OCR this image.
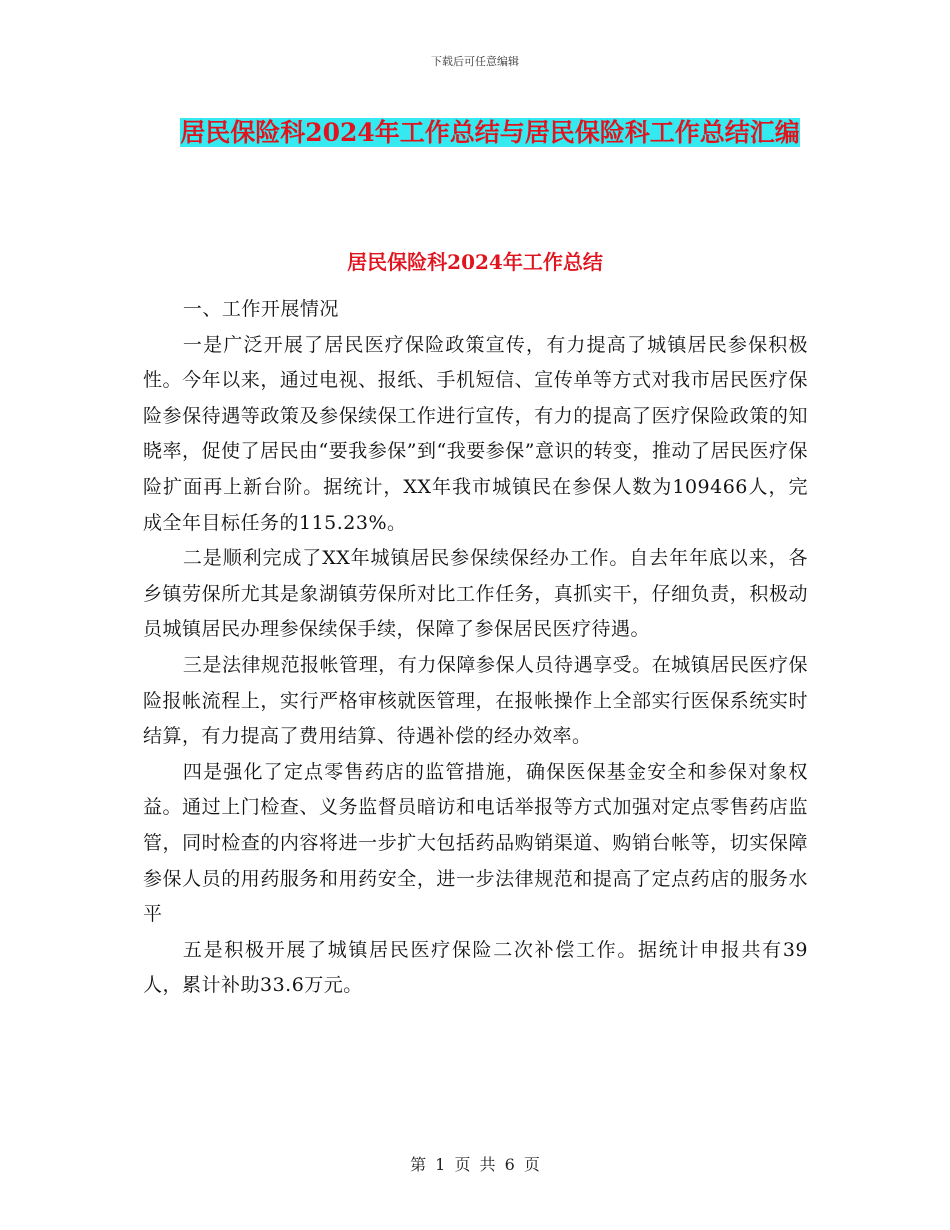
下载后可任意编辑
居民保险科2024年工作总结与居民保险科工作总结汇编
居民保险科2024年工作总结

一、工作开展情况

一是广泛开展了居民医疗保险政策宣传，有力提高了城镇居民参保积极性。今年以来，通过电视、报纸、手机短信、宣传单等方式对我市居民医疗保险参保待遇等政策及参保续保工作进行宣传，有力的提高了医疗保险政策的知晓率，促使了居民由“要我参保”到“我要参保”意识的转变，推动了居民医疗保险扩面再上新台阶。据统计，XX年我市城镇民在参保人数为109466人，完成全年目标任务的115.23%。

二是顺利完成了XX年城镇居民参保续保经办工作。自去年年底以来，各乡镇劳保所尤其是象湖镇劳保所对比工作任务，真抓实干，仔细负责，积极动员城镇居民办理参保续保手续，保障了参保居民医疗待遇。

三是法律规范报帐管理，有力保障参保人员待遇享受。在城镇居民医疗保险报帐流程上，实行严格审核就医管理，在报帐操作上全部实行医保系统实时结算，有力提高了费用结算、待遇补偿的经办效率。

四是强化了定点零售药店的监管措施，确保医保基金安全和参保对象权益。通过上门检查、义务监督员暗访和电话举报等方式加强对定点零售药店监管，同时检查的内容将进一步扩大包括药品购销渠道、购销台帐等，切实保障参保人员的用药服务和用药安全，进一步法律规范和提高了定点药店的服务水平

五是积极开展了城镇居民医疗保险二次补偿工作。据统计申报共有39人，累计补助33.6万元。

第 1 页 共 6 页
